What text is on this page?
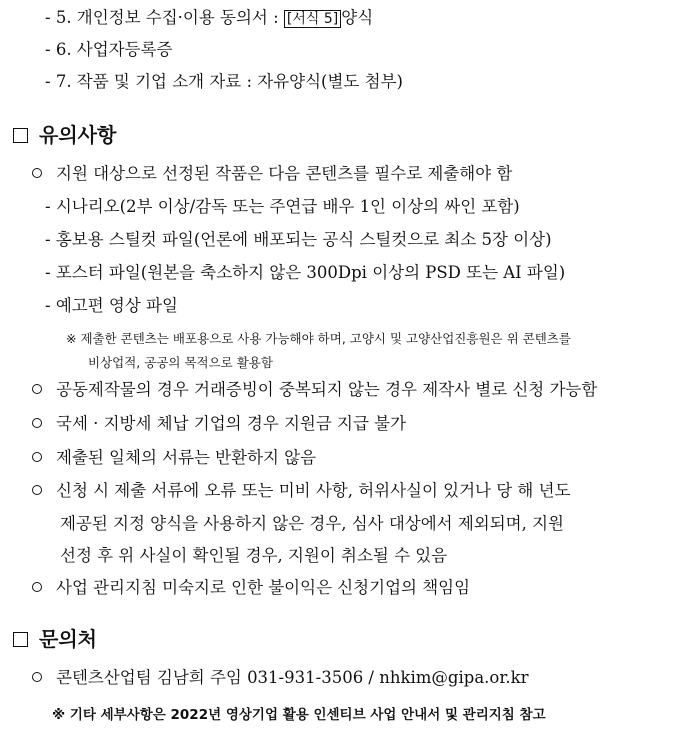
- 5. 개인정보 수집·이용 동의서 : [서식 5] 양식
- 6. 사업자등록증
- 7. 작품 및 기업 소개 자료 : 자유양식(별도 첨부)
유의사항
지원 대상으로 선정된 작품은 다음 콘텐츠를 필수로 제출해야 함
- 시나리오(2부 이상/감독 또는 주연급 배우 1인 이상의 싸인 포함)
- 홍보용 스틸컷 파일(언론에 배포되는 공식 스틸컷으로 최소 5장 이상)
- 포스터 파일(원본을 축소하지 않은 300Dpi 이상의 PSD 또는 AI 파일)
- 예고편 영상 파일
※ 제출한 콘텐츠는 배포용으로 사용 가능해야 하며, 고양시 및 고양산업진흥원은 위 콘텐츠를
비상업적, 공공의 목적으로 활용함
공동제작물의 경우 거래증빙이 중복되지 않는 경우 제작사 별로 신청 가능함
국세 · 지방세 체납 기업의 경우 지원금 지급 불가
제출된 일체의 서류는 반환하지 않음
신청 시 제출 서류에 오류 또는 미비 사항, 허위사실이 있거나 당 해 년도
제공된 지정 양식을 사용하지 않은 경우, 심사 대상에서 제외되며, 지원
선정 후 위 사실이 확인될 경우, 지원이 취소될 수 있음
사업 관리지침 미숙지로 인한 불이익은 신청기업의 책임임
문의처
콘텐츠산업팀 김남희 주임 031-931-3506 / nhkim@gipa.or.kr
※ 기타 세부사항은 2022년 영상기업 활용 인센티브 사업 안내서 및 관리지침 참고
